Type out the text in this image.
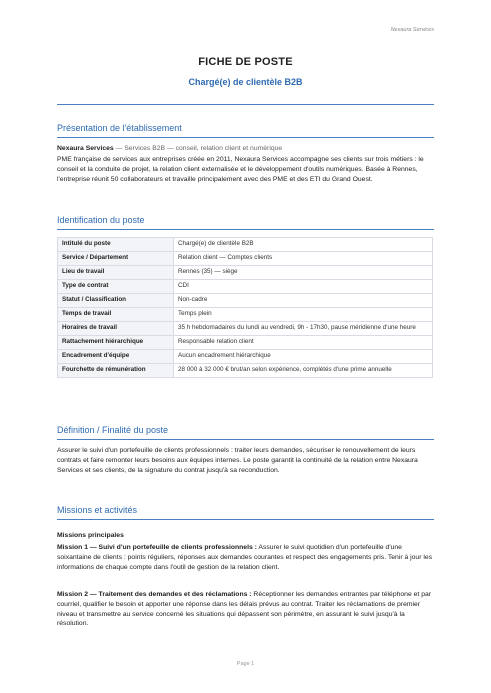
Nexaura Services
FICHE DE POSTE
Chargé(e) de clientèle B2B
Présentation de l'établissement
Nexaura Services — Services B2B — conseil, relation client et numérique
PME française de services aux entreprises créée en 2011, Nexaura Services accompagne ses clients sur trois métiers : le conseil et la conduite de projet, la relation client externalisée et le développement d'outils numériques. Basée à Rennes, l'entreprise réunit 50 collaborateurs et travaille principalement avec des PME et des ETI du Grand Ouest.
Identification du poste
Intitulé du poste	Chargé(e) de clientèle B2B
Service / Département	Relation client — Comptes clients
Lieu de travail	Rennes (35) — siège
Type de contrat	CDI
Statut / Classification	Non-cadre
Temps de travail	Temps plein
Horaires de travail	35 h hebdomadaires du lundi au vendredi, 9h - 17h30, pause méridienne d'une heure
Rattachement hiérarchique	Responsable relation client
Encadrement d'équipe	Aucun encadrement hiérarchique
Fourchette de rémunération	28 000 à 32 000 € brut/an selon expérience, complétés d'une prime annuelle
Définition / Finalité du poste
Assurer le suivi d'un portefeuille de clients professionnels : traiter leurs demandes, sécuriser le renouvellement de leurs contrats et faire remonter leurs besoins aux équipes internes. Le poste garantit la continuité de la relation entre Nexaura Services et ses clients, de la signature du contrat jusqu'à sa reconduction.
Missions et activités
Missions principales
Mission 1 — Suivi d'un portefeuille de clients professionnels : Assurer le suivi quotidien d'un portefeuille d'une soixantaine de clients : points réguliers, réponses aux demandes courantes et respect des engagements pris. Tenir à jour les informations de chaque compte dans l'outil de gestion de la relation client.
Mission 2 — Traitement des demandes et des réclamations : Réceptionner les demandes entrantes par téléphone et par courriel, qualifier le besoin et apporter une réponse dans les délais prévus au contrat. Traiter les réclamations de premier niveau et transmettre au service concerné les situations qui dépassent son périmètre, en assurant le suivi jusqu'à la résolution.
Page 1
